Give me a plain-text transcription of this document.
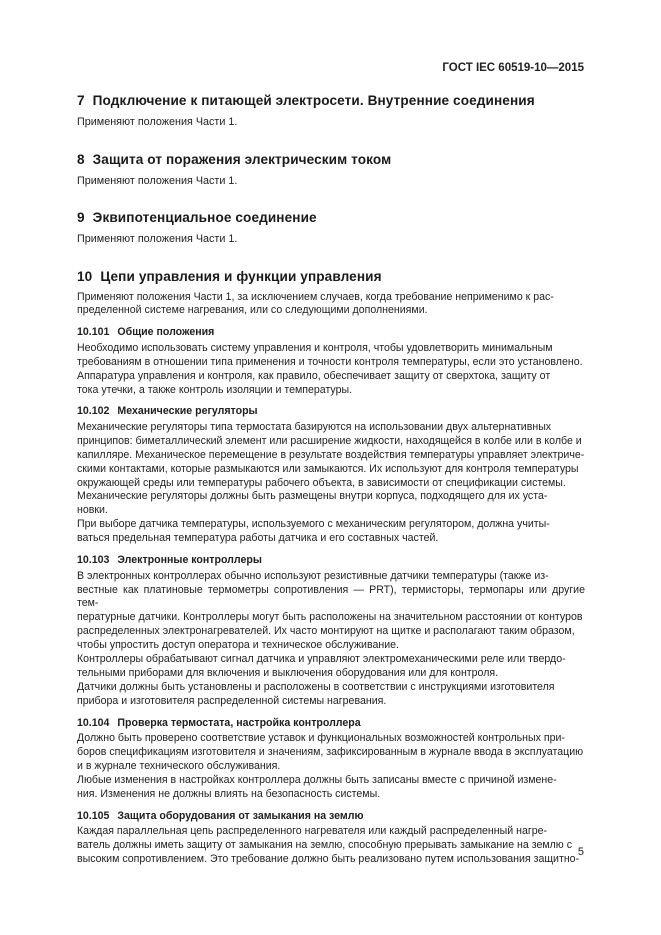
ГОСТ IEC 60519-10—2015
7 Подключение к питающей электросети. Внутренние соединения

Применяют положения Части 1.

8 Защита от поражения электрическим током

Применяют положения Части 1.

9 Эквипотенциальное соединение

Применяют положения Части 1.

10 Цепи управления и функции управления

Применяют положения Части 1, за исключением случаев, когда требование неприменимо к рас-

пределенной системе нагревания, или со следующими дополнениями.

10.101 Общие положения

Необходимо использовать систему управления и контроля, чтобы удовлетворить минимальным

требованиям в отношении типа применения и точности контроля температуры, если это установлено.

Аппаратура управления и контроля, как правило, обеспечивает защиту от сверхтока, защиту от

тока утечки, а также контроль изоляции и температуры.

10.102 Механические регуляторы

Механические регуляторы типа термостата базируются на использовании двух альтернативных

принципов: биметаллический элемент или расширение жидкости, находящейся в колбе или в колбе и

капилляре. Механическое перемещение в результате воздействия температуры управляет электриче-

скими контактами, которые размыкаются или замыкаются. Их используют для контроля температуры

окружающей среды или температуры рабочего объекта, в зависимости от спецификации системы.

Механические регуляторы должны быть размещены внутри корпуса, подходящего для их уста-

новки.

При выборе датчика температуры, используемого с механическим регулятором, должна учиты-

ваться предельная температура работы датчика и его составных частей.

10.103 Электронные контроллеры

В электронных контроллерах обычно используют резистивные датчики температуры (также из-

вестные как платиновые термометры сопротивления — PRT), термисторы, термопары или другие тем-

пературные датчики. Контроллеры могут быть расположены на значительном расстоянии от контуров

распределенных электронагревателей. Их часто монтируют на щитке и располагают таким образом,

чтобы упростить доступ оператора и техническое обслуживание.

Контроллеры обрабатывают сигнал датчика и управляют электромеханическими реле или твердо-

тельными приборами для включения и выключения оборудования или для контроля.

Датчики должны быть установлены и расположены в соответствии с инструкциями изготовителя

прибора и изготовителя распределенной системы нагревания.

10.104 Проверка термостата, настройка контроллера

Должно быть проверено соответствие уставок и функциональных возможностей контрольных при-

боров спецификациям изготовителя и значениям, зафиксированным в журнале ввода в эксплуатацию

и в журнале технического обслуживания.

Любые изменения в настройках контроллера должны быть записаны вместе с причиной измене-

ния. Изменения не должны влиять на безопасность системы.

10.105 Защита оборудования от замыкания на землю

Каждая параллельная цепь распределенного нагревателя или каждый распределенный нагре-

ватель должны иметь защиту от замыкания на землю, способную прерывать замыкание на землю с

высоким сопротивлением. Это требование должно быть реализовано путем использования защитно-

5
